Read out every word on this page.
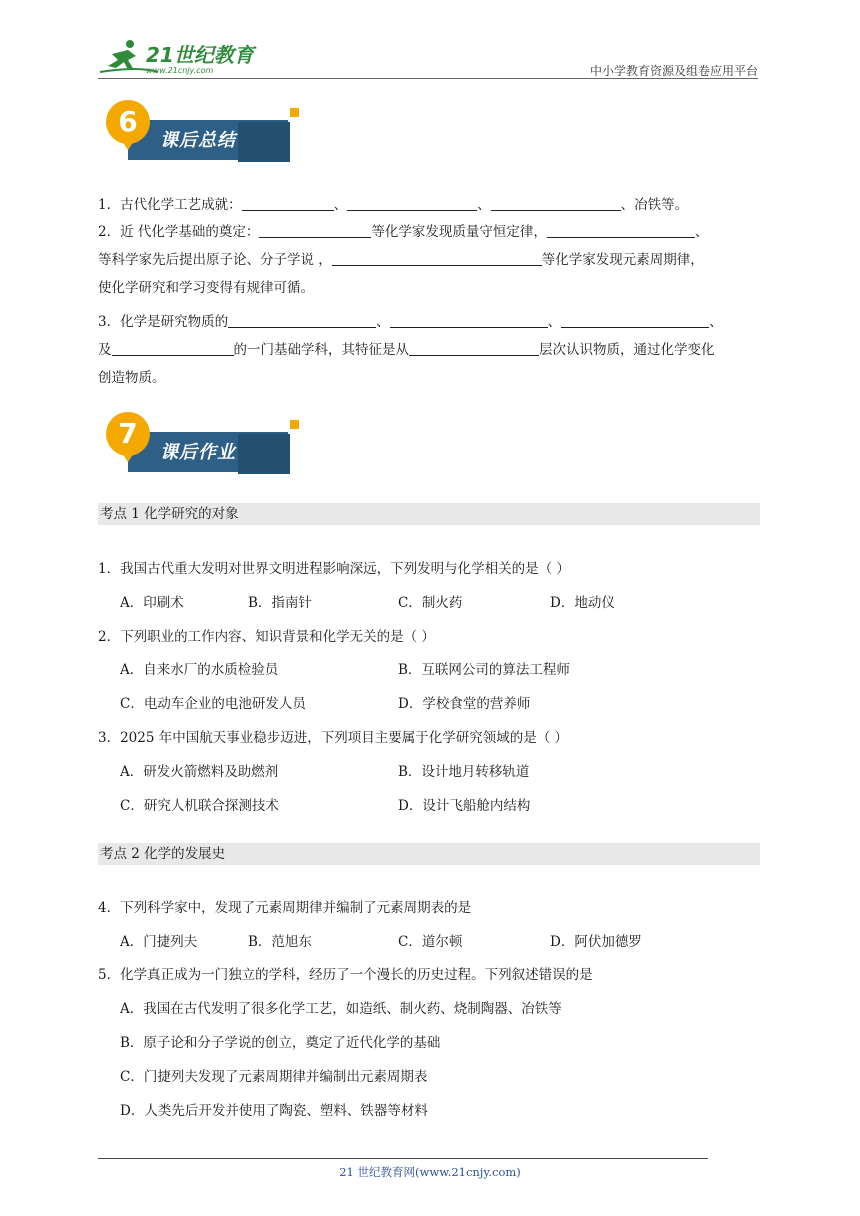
21世纪教育
www.21cnjy.com	中小学教育资源及组卷应用平台
6
课后总结
1．古代化学工艺成就：	、	、	、冶铁等。
2．近 代化学基础的奠定：	等化学家发现质量守恒定律，	、
等科学家先后提出原子论、分子学说 ，	等化学家发现元素周期律，
使化学研究和学习变得有规律可循。
3．化学是研究物质的	、	、	、
及	的一门基础学科，其特征是从	层次认识物质，通过化学变化
创造物质。
7
课后作业
考点 1 化学研究的对象
1．我国古代重大发明对世界文明进程影响深远，下列发明与化学相关的是（ ）
A．印刷术	B．指南针	C．制火药	D．地动仪
2．下列职业的工作内容、知识背景和化学无关的是（ ）
A．自来水厂的水质检验员	B．互联网公司的算法工程师
C．电动车企业的电池研发人员	D．学校食堂的营养师
3．2025 年中国航天事业稳步迈进，下列项目主要属于化学研究领域的是（ ）
A．研发火箭燃料及助燃剂	B．设计地月转移轨道
C．研究人机联合探测技术	D．设计飞船舱内结构
考点 2 化学的发展史
4．下列科学家中，发现了元素周期律并编制了元素周期表的是
A．门捷列夫	B．范旭东	C．道尔顿	D．阿伏加德罗
5．化学真正成为一门独立的学科，经历了一个漫长的历史过程。下列叙述错误的是
A．我国在古代发明了很多化学工艺，如造纸、制火药、烧制陶器、冶铁等
B．原子论和分子学说的创立，奠定了近代化学的基础
C．门捷列夫发现了元素周期律并编制出元素周期表
D．人类先后开发并使用了陶瓷、塑料、铁器等材料
21 世纪教育网(www.21cnjy.com)
